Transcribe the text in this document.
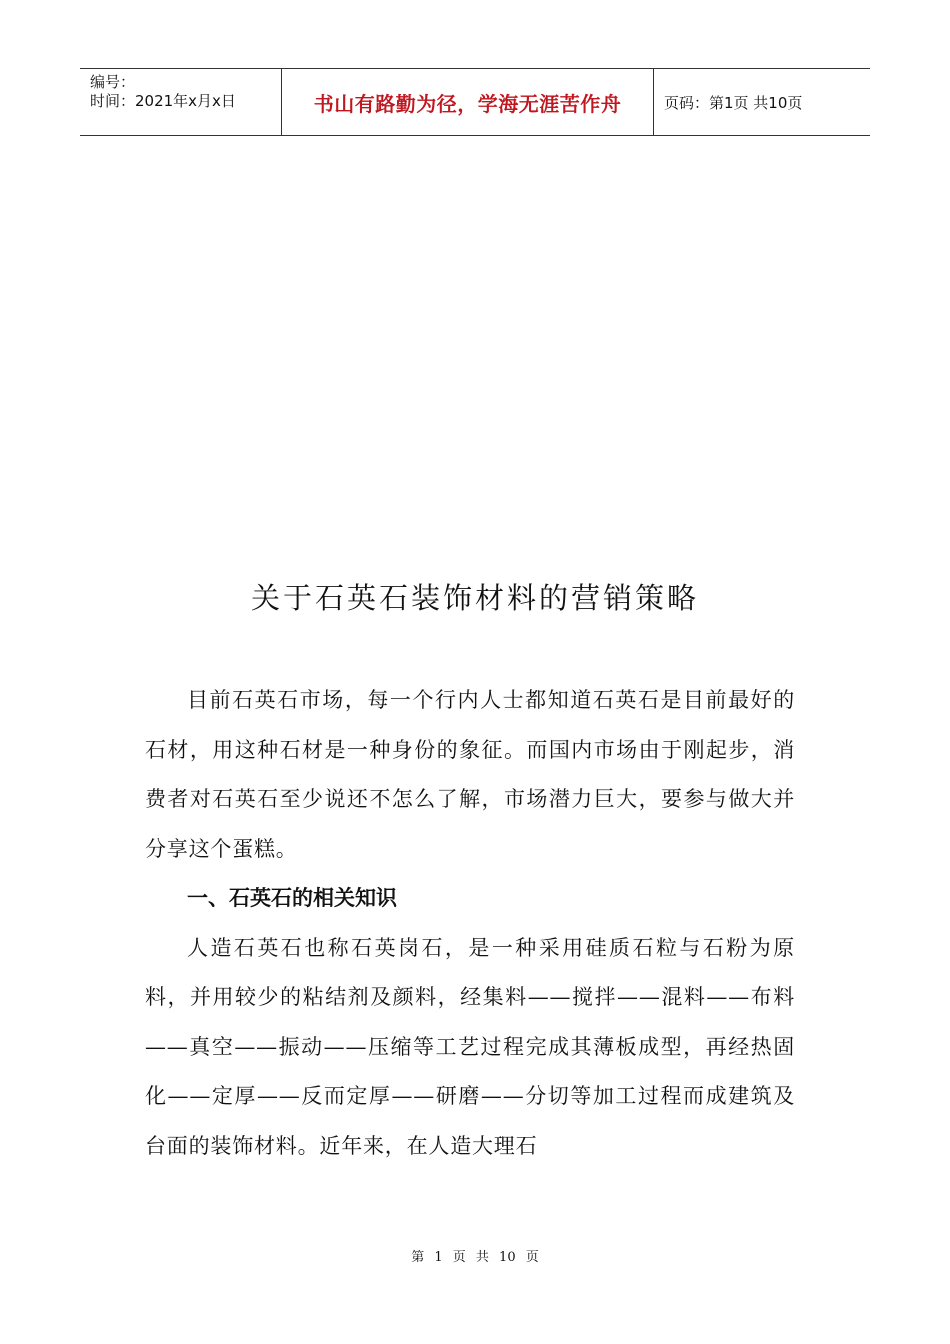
编号：
时间：2021年x月x日	书山有路勤为径，学海无涯苦作舟	页码：第1页 共10页
关于石英石装饰材料的营销策略

目前石英石市场，每一个行内人士都知道石英石是目前最好的石材，用这种石材是一种身份的象征。而国内市场由于刚起步，消费者对石英石至少说还不怎么了解，市场潜力巨大，要参与做大并分享这个蛋糕。

一、石英石的相关知识

人造石英石也称石英岗石，是一种采用硅质石粒与石粉为原料，并用较少的粘结剂及颜料，经集料——搅拌——混料——布料——真空——振动——压缩等工艺过程完成其薄板成型，再经热固化——定厚——反而定厚——研磨——分切等加工过程而成建筑及台面的装饰材料。近年来，在人造大理石

第 1 页 共 10 页
